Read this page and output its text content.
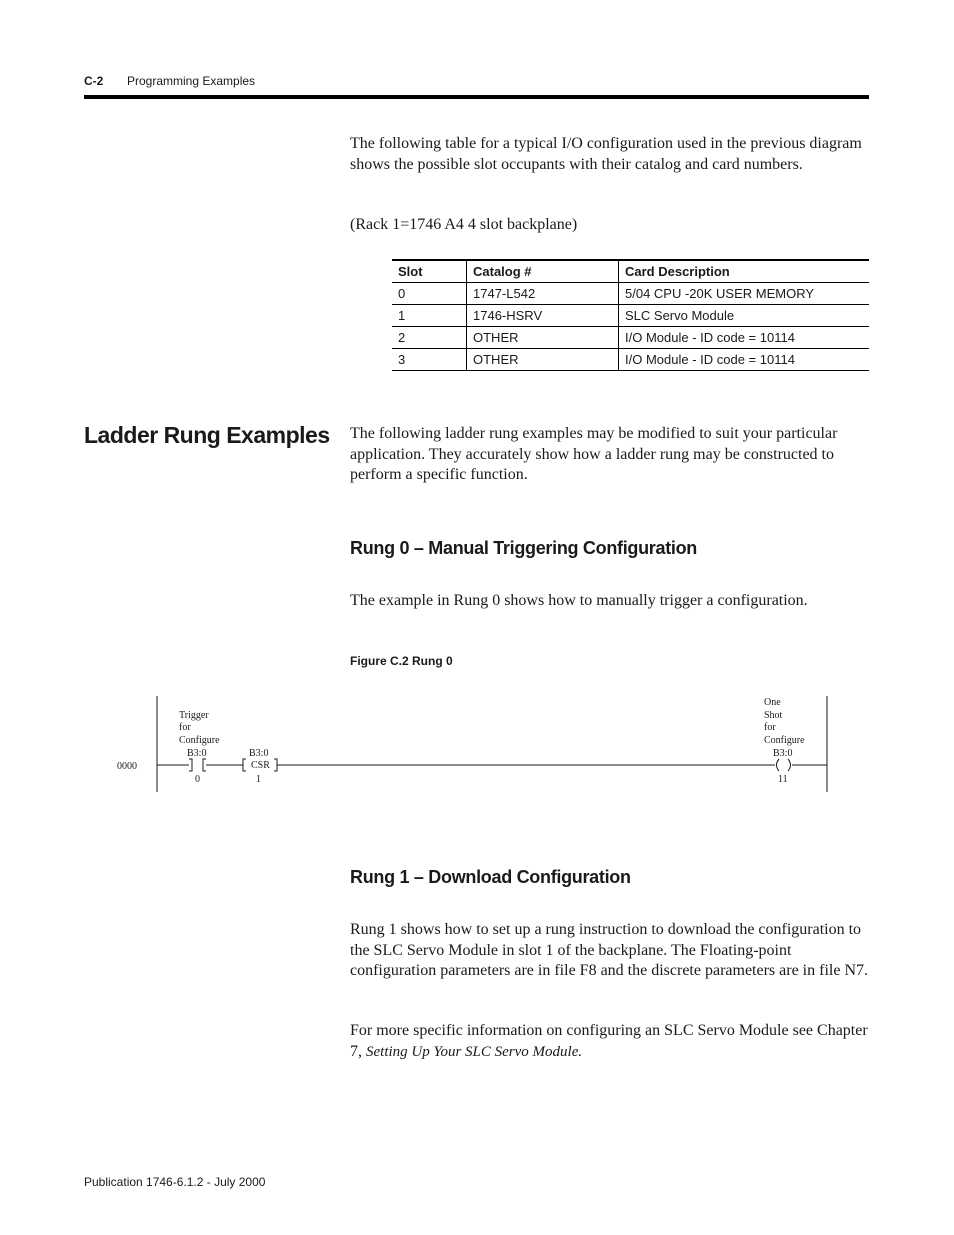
C-2 Programming Examples
The following table for a typical I/O configuration used in the previous diagram shows the possible slot occupants with their catalog and card numbers.
(Rack 1=1746 A4 4 slot backplane)
Slot	Catalog #	Card Description
0	1747-L542	5/04 CPU -20K USER MEMORY
1	1746-HSRV	SLC Servo Module
2	OTHER	I/O Module - ID code = 10114
3	OTHER	I/O Module - ID code = 10114
Ladder Rung Examples The following ladder rung examples may be modified to suit your particular application. They accurately show how a ladder rung may be constructed to perform a specific function.
Rung 0 – Manual Triggering Configuration
The example in Rung 0 shows how to manually trigger a configuration.
Figure C.2 Rung 0
0000
Trigger
for
Configure
B3:0
0
B3:0
CSR
1
One
Shot
for
Configure
B3:0
11
Rung 1 – Download Configuration
Rung 1 shows how to set up a rung instruction to download the configuration to the SLC Servo Module in slot 1 of the backplane. The Floating-point configuration parameters are in file F8 and the discrete parameters are in file N7.
For more specific information on configuring an SLC Servo Module see Chapter 7, Setting Up Your SLC Servo Module.
Publication 1746-6.1.2 - July 2000
